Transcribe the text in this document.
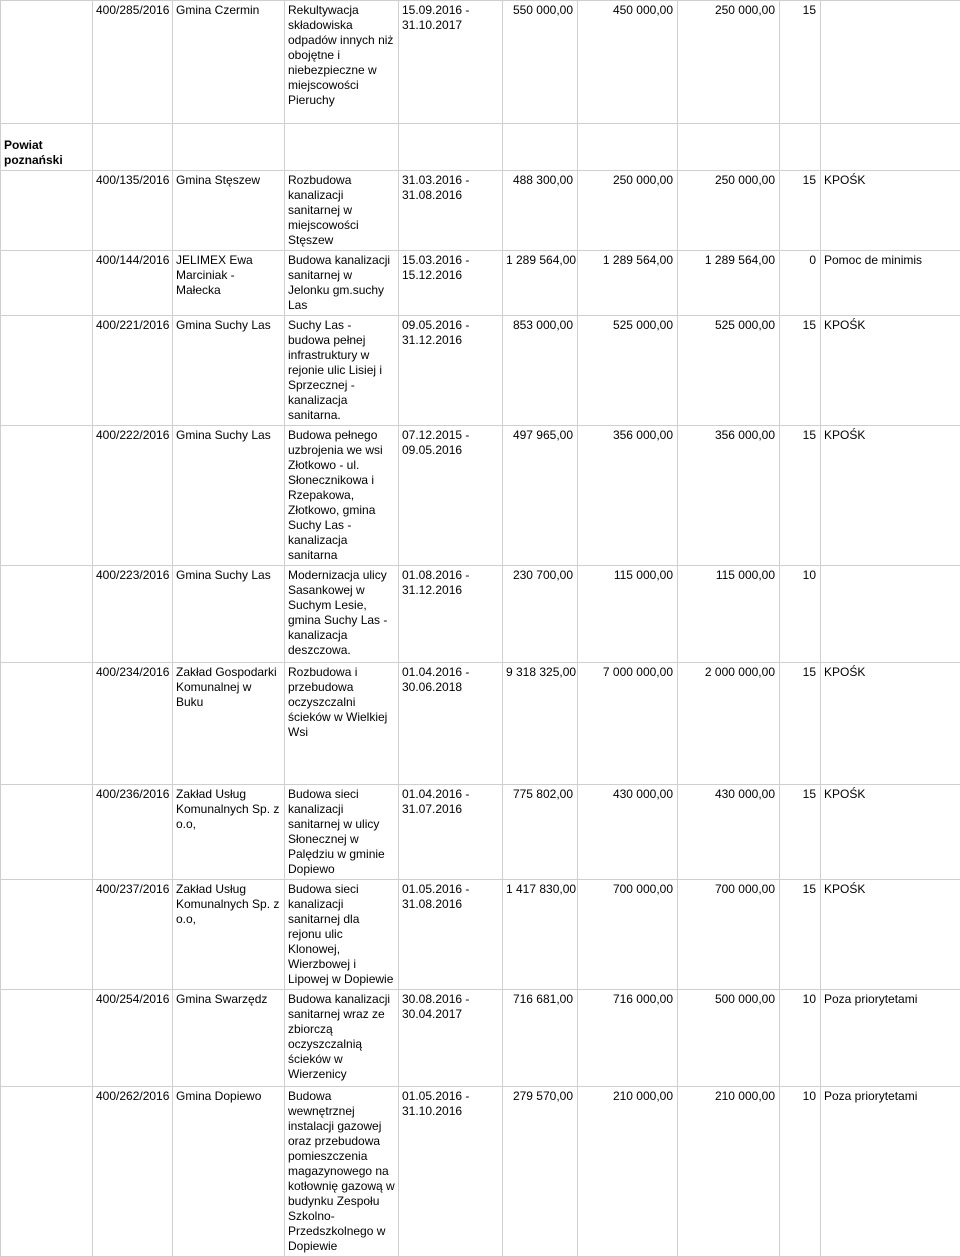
	400/285/2016	Gmina Czermin	Rekultywacja składowiska odpadów innych niż obojętne i niebezpieczne w miejscowości Pieruchy	15.09.2016 - 31.10.2017	550 000,00	450 000,00	250 000,00	15	
Powiat poznański									
	400/135/2016	Gmina Stęszew	Rozbudowa kanalizacji sanitarnej w miejscowości Stęszew	31.03.2016 - 31.08.2016	488 300,00	250 000,00	250 000,00	15	KPOŚK
	400/144/2016	JELIMEX Ewa Marciniak - Małecka	Budowa kanalizacji sanitarnej w Jelonku gm.suchy Las	15.03.2016 - 15.12.2016	1 289 564,00	1 289 564,00	1 289 564,00	0	Pomoc de minimis
	400/221/2016	Gmina Suchy Las	Suchy Las - budowa pełnej infrastruktury w rejonie ulic Lisiej i Sprzecznej - kanalizacja sanitarna.	09.05.2016 - 31.12.2016	853 000,00	525 000,00	525 000,00	15	KPOŚK
	400/222/2016	Gmina Suchy Las	Budowa pełnego uzbrojenia we wsi Złotkowo - ul. Słonecznikowa i Rzepakowa, Złotkowo, gmina Suchy Las - kanalizacja sanitarna	07.12.2015 - 09.05.2016	497 965,00	356 000,00	356 000,00	15	KPOŚK
	400/223/2016	Gmina Suchy Las	Modernizacja ulicy Sasankowej w Suchym Lesie, gmina Suchy Las - kanalizacja deszczowa.	01.08.2016 - 31.12.2016	230 700,00	115 000,00	115 000,00	10	
	400/234/2016	Zakład Gospodarki Komunalnej w Buku	Rozbudowa i przebudowa oczyszczalni ścieków w Wielkiej Wsi	01.04.2016 - 30.06.2018	9 318 325,00	7 000 000,00	2 000 000,00	15	KPOŚK
	400/236/2016	Zakład Usług Komunalnych Sp. z o.o,	Budowa sieci kanalizacji sanitarnej w ulicy Słonecznej w Palędziu w gminie Dopiewo	01.04.2016 - 31.07.2016	775 802,00	430 000,00	430 000,00	15	KPOŚK
	400/237/2016	Zakład Usług Komunalnych Sp. z o.o,	Budowa sieci kanalizacji sanitarnej dla rejonu ulic Klonowej, Wierzbowej i Lipowej w Dopiewie	01.05.2016 - 31.08.2016	1 417 830,00	700 000,00	700 000,00	15	KPOŚK
	400/254/2016	Gmina Swarzędz	Budowa kanalizacji sanitarnej wraz ze zbiorczą oczyszczalnią ścieków w Wierzenicy	30.08.2016 - 30.04.2017	716 681,00	716 000,00	500 000,00	10	Poza priorytetami
	400/262/2016	Gmina Dopiewo	Budowa wewnętrznej instalacji gazowej oraz przebudowa pomieszczenia magazynowego na kotłownię gazową w budynku Zespołu Szkolno-Przedszkolnego w Dopiewie	01.05.2016 - 31.10.2016	279 570,00	210 000,00	210 000,00	10	Poza priorytetami
